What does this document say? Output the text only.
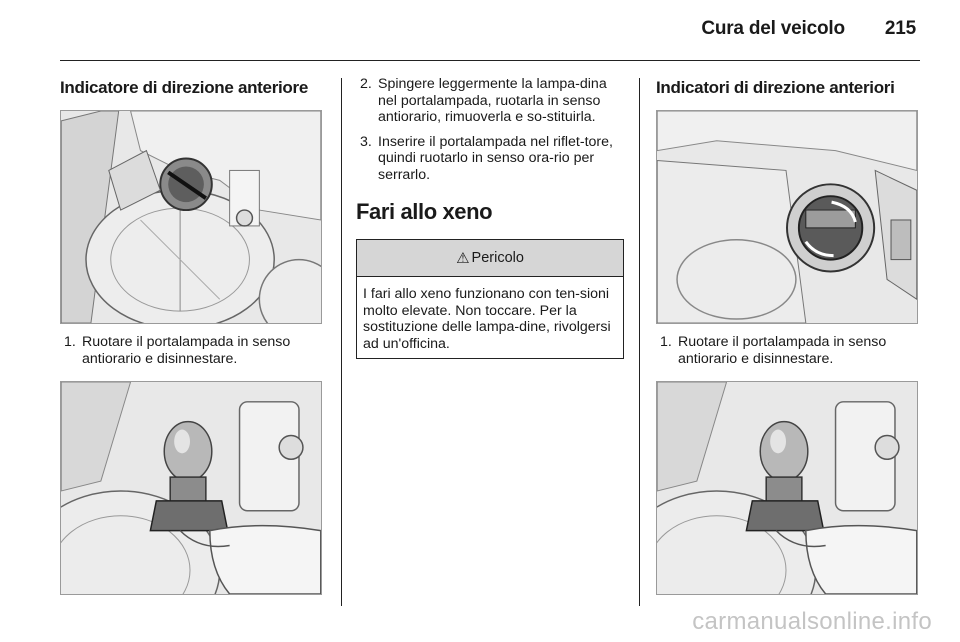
Cura del veicolo 215
Indicatore di direzione anteriore
1. Ruotare il portalampada in senso antiorario e disinnestare.
2. Spingere leggermente la lampa-dina nel portalampada, ruotarla in senso antiorario, rimuoverla e so-stituirla.
3. Inserire il portalampada nel riflet-tore, quindi ruotarlo in senso ora-rio per serrarlo.
Fari allo xeno
⚠ Pericolo
I fari allo xeno funzionano con ten-sioni molto elevate. Non toccare. Per la sostituzione delle lampa-dine, rivolgersi ad un'officina.
Indicatori di direzione anteriori
1. Ruotare il portalampada in senso antiorario e disinnestare.
carmanualsonline.info
